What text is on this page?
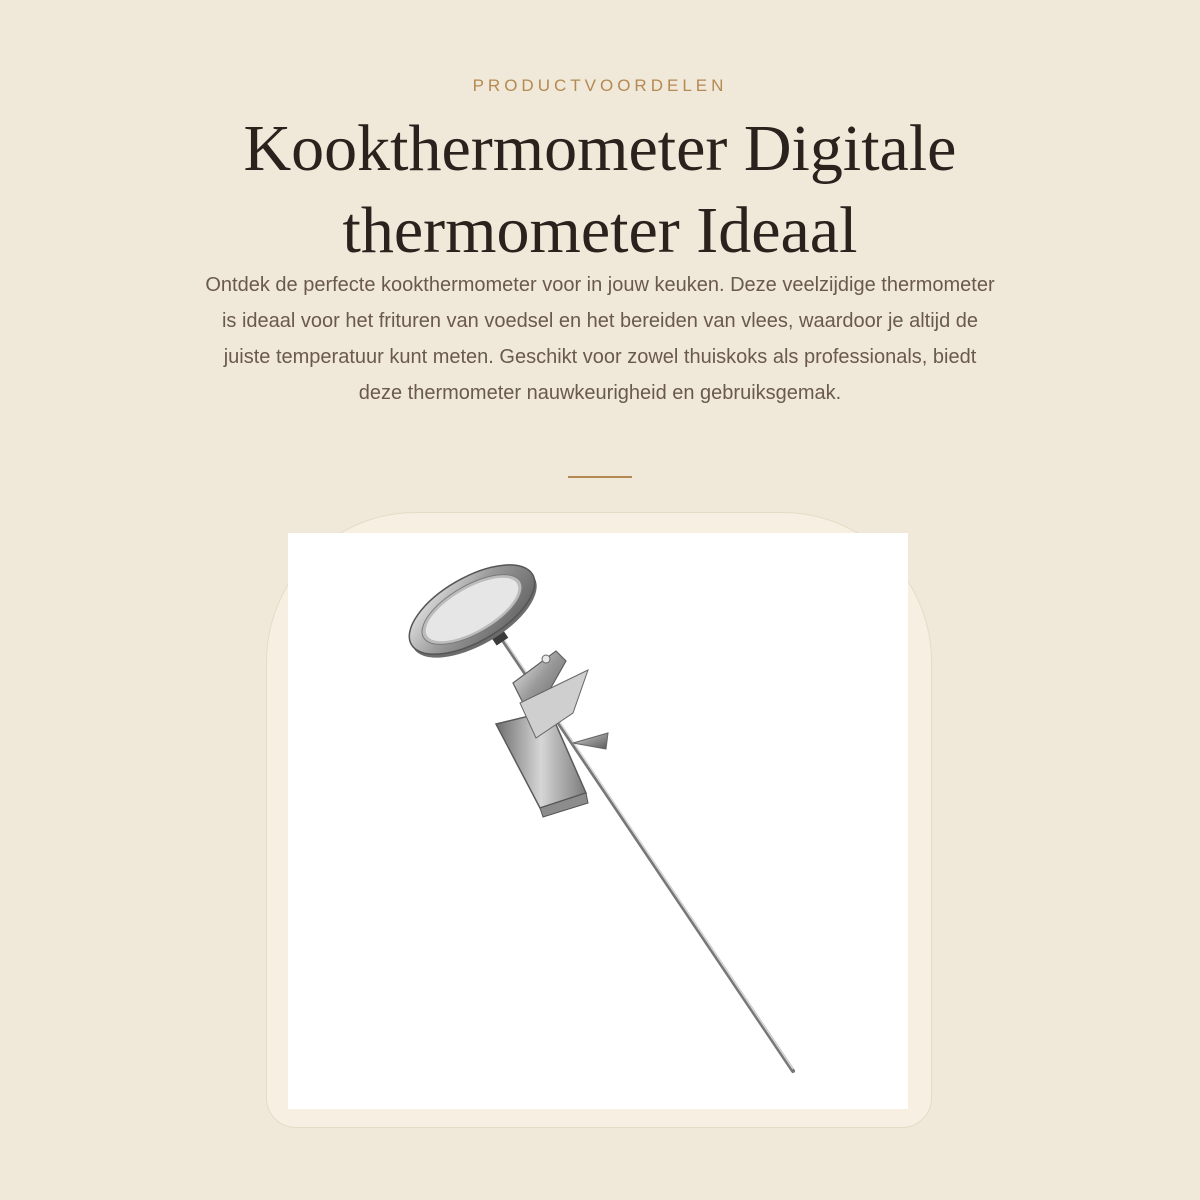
PRODUCTVOORDELEN
Kookthermometer Digitale
thermometer Ideaal

Ontdek de perfecte kookthermometer voor in jouw keuken. Deze veelzijdige thermometer is ideaal voor het frituren van voedsel en het bereiden van vlees, waardoor je altijd de juiste temperatuur kunt meten. Geschikt voor zowel thuiskoks als professionals, biedt deze thermometer nauwkeurigheid en gebruiksgemak.
